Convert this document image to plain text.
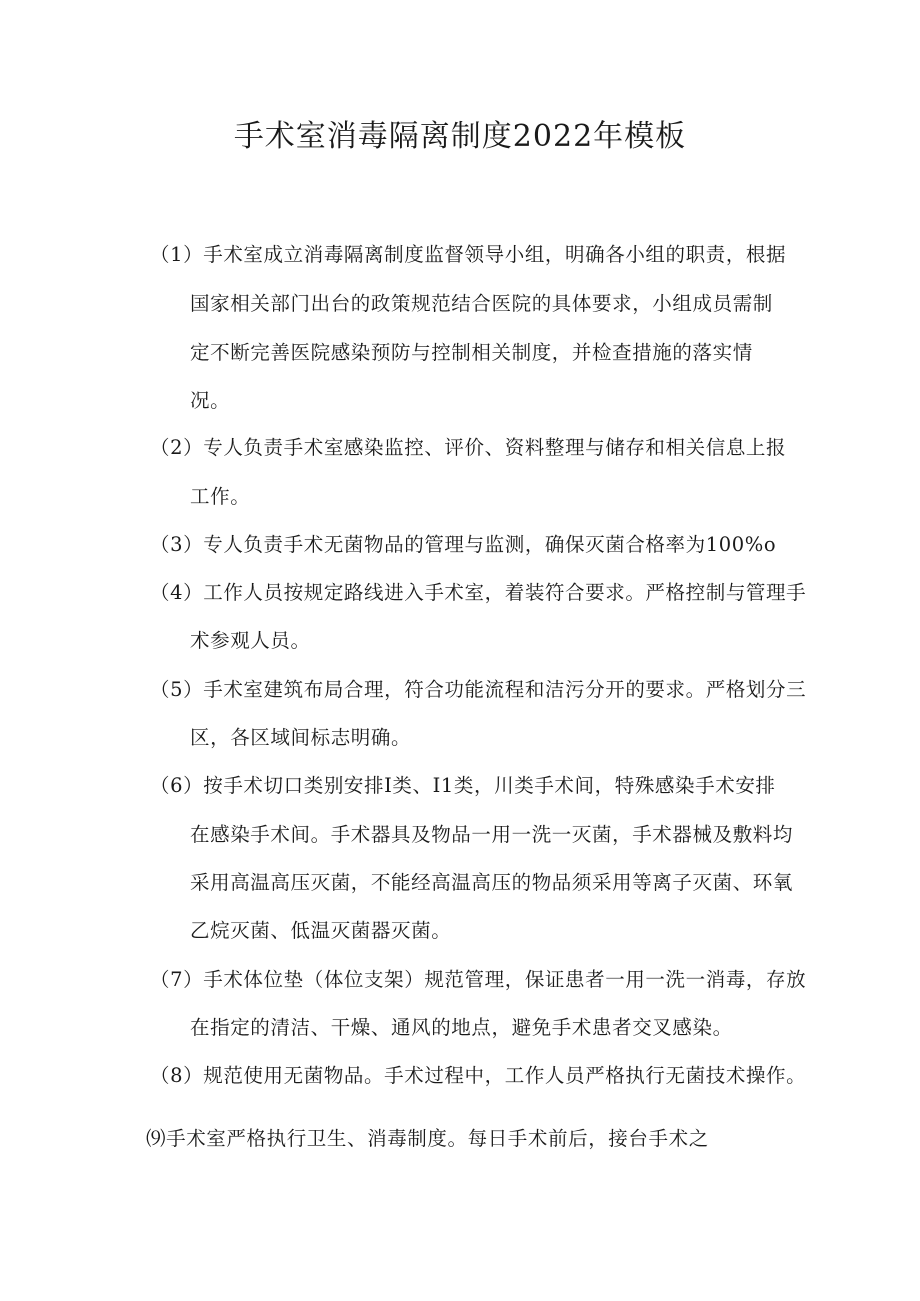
手术室消毒隔离制度2022年模板
（1）手术室成立消毒隔离制度监督领导小组，明确各小组的职责，根据
国家相关部门出台的政策规范结合医院的具体要求，小组成员需制
定不断完善医院感染预防与控制相关制度，并检查措施的落实情
况。
（2）专人负责手术室感染监控、评价、资料整理与储存和相关信息上报
工作。
（3）专人负责手术无菌物品的管理与监测，确保灭菌合格率为100%o
（4）工作人员按规定路线进入手术室，着装符合要求。严格控制与管理手
术参观人员。
（5）手术室建筑布局合理，符合功能流程和洁污分开的要求。严格划分三
区，各区域间标志明确。
（6）按手术切口类别安排Ⅰ类、I1类，川类手术间，特殊感染手术安排
在感染手术间。手术器具及物品一用一洗一灭菌，手术器械及敷料均
采用高温高压灭菌，不能经高温高压的物品须采用等离子灭菌、环氧
乙烷灭菌、低温灭菌器灭菌。
（7）手术体位垫（体位支架）规范管理，保证患者一用一洗一消毒，存放
在指定的清洁、干燥、通风的地点，避免手术患者交叉感染。
（8）规范使用无菌物品。手术过程中，工作人员严格执行无菌技术操作。
⑼手术室严格执行卫生、消毒制度。每日手术前后，接台手术之
